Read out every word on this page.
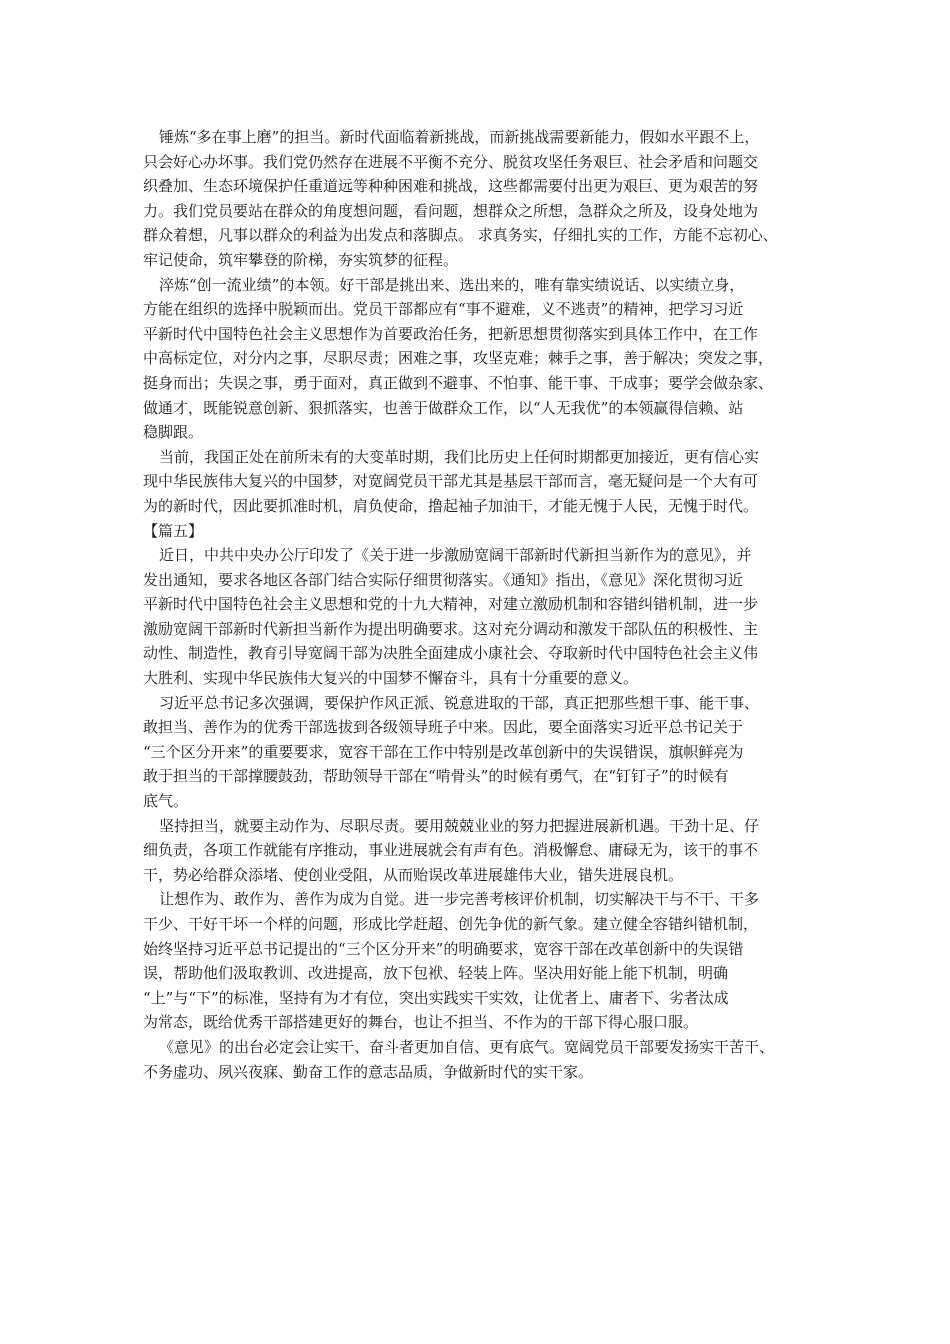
锤炼“多在事上磨”的担当。新时代面临着新挑战，而新挑战需要新能力，假如水平跟不上，
只会好心办坏事。我们党仍然存在进展不平衡不充分、脱贫攻坚任务艰巨、社会矛盾和问题交
织叠加、生态环境保护任重道远等种种困难和挑战，这些都需要付出更为艰巨、更为艰苦的努
力。我们党员要站在群众的角度想问题，看问题，想群众之所想，急群众之所及，设身处地为
群众着想，凡事以群众的利益为出发点和落脚点。 求真务实，仔细扎实的工作，方能不忘初心、
牢记使命，筑牢攀登的阶梯，夯实筑梦的征程。
淬炼“创一流业绩”的本领。好干部是挑出来、选出来的，唯有靠实绩说话、以实绩立身，
方能在组织的选择中脱颖而出。党员干部都应有“事不避难，义不逃责”的精神，把学习习近
平新时代中国特色社会主义思想作为首要政治任务，把新思想贯彻落实到具体工作中，在工作
中高标定位，对分内之事，尽职尽责；困难之事，攻坚克难；棘手之事，善于解决；突发之事，
挺身而出；失误之事，勇于面对，真正做到不避事、不怕事、能干事、干成事；要学会做杂家、
做通才，既能锐意创新、狠抓落实，也善于做群众工作，以“人无我优”的本领赢得信赖、站
稳脚跟。
当前，我国正处在前所未有的大变革时期，我们比历史上任何时期都更加接近，更有信心实
现中华民族伟大复兴的中国梦，对宽阔党员干部尤其是基层干部而言，毫无疑问是一个大有可
为的新时代，因此要抓准时机，肩负使命，撸起袖子加油干，才能无愧于人民，无愧于时代。
【篇五】
近日，中共中央办公厅印发了《关于进一步激励宽阔干部新时代新担当新作为的意见》，并
发出通知，要求各地区各部门结合实际仔细贯彻落实。《通知》指出，《意见》深化贯彻习近
平新时代中国特色社会主义思想和党的十九大精神，对建立激励机制和容错纠错机制，进一步
激励宽阔干部新时代新担当新作为提出明确要求。这对充分调动和激发干部队伍的积极性、主
动性、制造性，教育引导宽阔干部为决胜全面建成小康社会、夺取新时代中国特色社会主义伟
大胜利、实现中华民族伟大复兴的中国梦不懈奋斗，具有十分重要的意义。
习近平总书记多次强调，要保护作风正派、锐意进取的干部，真正把那些想干事、能干事、
敢担当、善作为的优秀干部选拔到各级领导班子中来。因此，要全面落实习近平总书记关于
“三个区分开来”的重要要求，宽容干部在工作中特别是改革创新中的失误错误，旗帜鲜亮为
敢于担当的干部撑腰鼓劲，帮助领导干部在“啃骨头”的时候有勇气，在“钉钉子”的时候有
底气。
坚持担当，就要主动作为、尽职尽责。要用兢兢业业的努力把握进展新机遇。干劲十足、仔
细负责，各项工作就能有序推动，事业进展就会有声有色。消极懈怠、庸碌无为，该干的事不
干，势必给群众添堵、使创业受阻，从而贻误改革进展雄伟大业，错失进展良机。
让想作为、敢作为、善作为成为自觉。进一步完善考核评价机制，切实解决干与不干、干多
干少、干好干坏一个样的问题，形成比学赶超、创先争优的新气象。建立健全容错纠错机制，
始终坚持习近平总书记提出的“三个区分开来”的明确要求，宽容干部在改革创新中的失误错
误，帮助他们汲取教训、改进提高，放下包袱、轻装上阵。坚决用好能上能下机制，明确
“上”与“下”的标准，坚持有为才有位，突出实践实干实效，让优者上、庸者下、劣者汰成
为常态，既给优秀干部搭建更好的舞台，也让不担当、不作为的干部下得心服口服。
《意见》的出台必定会让实干、奋斗者更加自信、更有底气。宽阔党员干部要发扬实干苦干、
不务虚功、夙兴夜寐、勤奋工作的意志品质，争做新时代的实干家。
